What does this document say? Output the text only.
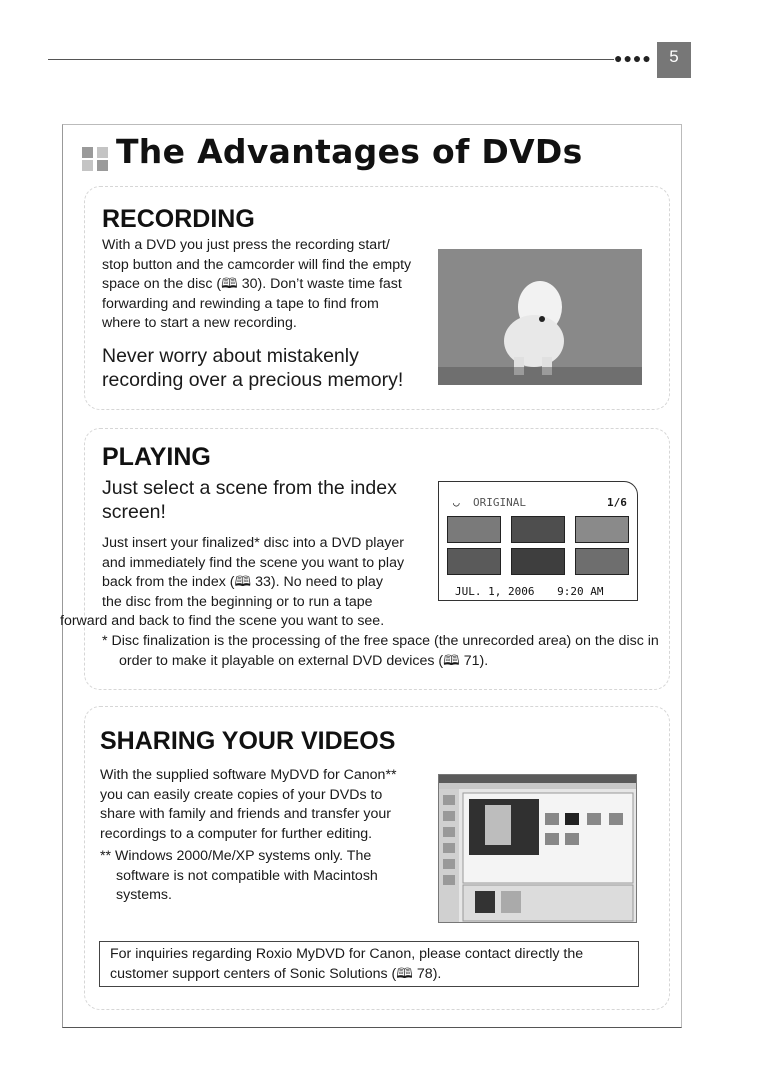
●●●●	5
The Advantages of DVDs
RECORDING
With a DVD you just press the recording start/
stop button and the camcorder will find the empty
space on the disc (🕮 30). Don’t waste time fast
forwarding and rewinding a tape to find from
where to start a new recording.
Never worry about mistakenly
recording over a precious memory!
PLAYING
Just select a scene from the index
screen!
Just insert your finalized* disc into a DVD player
and immediately find the scene you want to play
back from the index (🕮 33). No need to play
the disc from the beginning or to run a tape
forward and back to find the scene you want to see.
* Disc finalization is the processing of the free space (the unrecorded area) on the disc in order to make it playable on external DVD devices (🕮 71).
◡ ORIGINAL	1/6
JUL. 1, 2006 9:20 AM
SHARING YOUR VIDEOS
With the supplied software MyDVD for Canon**
you can easily create copies of your DVDs to
share with family and friends and transfer your
recordings to a computer for further editing.
** Windows 2000/Me/XP systems only. The software is not compatible with Macintosh systems.
For inquiries regarding Roxio MyDVD for Canon, please contact directly the customer support centers of Sonic Solutions (🕮 78).
